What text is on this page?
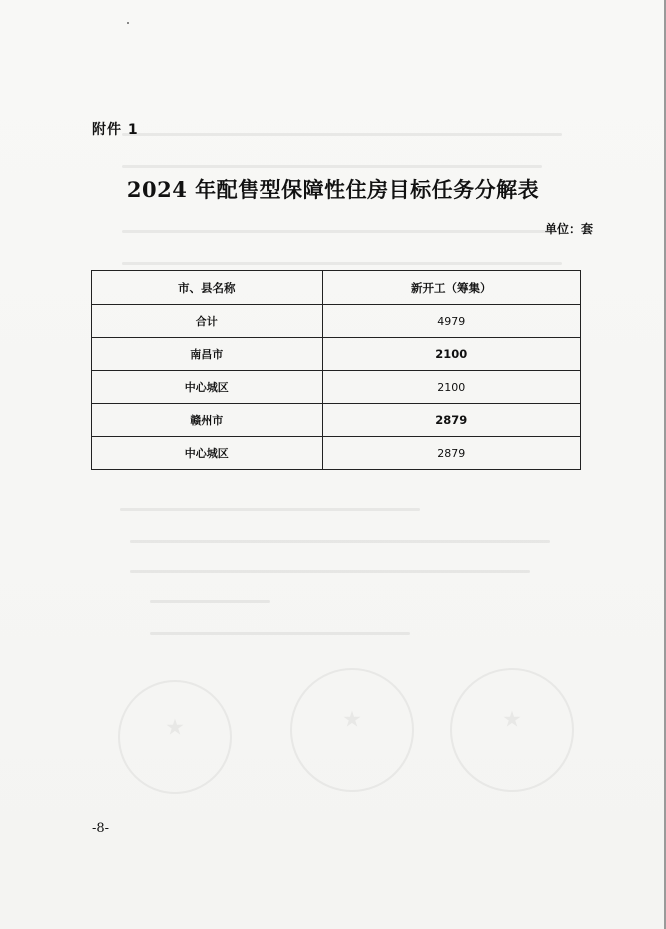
★
★
★
附件 1
2024 年配售型保障性住房目标任务分解表
单位：套
市、县名称	新开工（筹集）
合计	4979
南昌市	2100
中心城区	2100
赣州市	2879
中心城区	2879
-8-
